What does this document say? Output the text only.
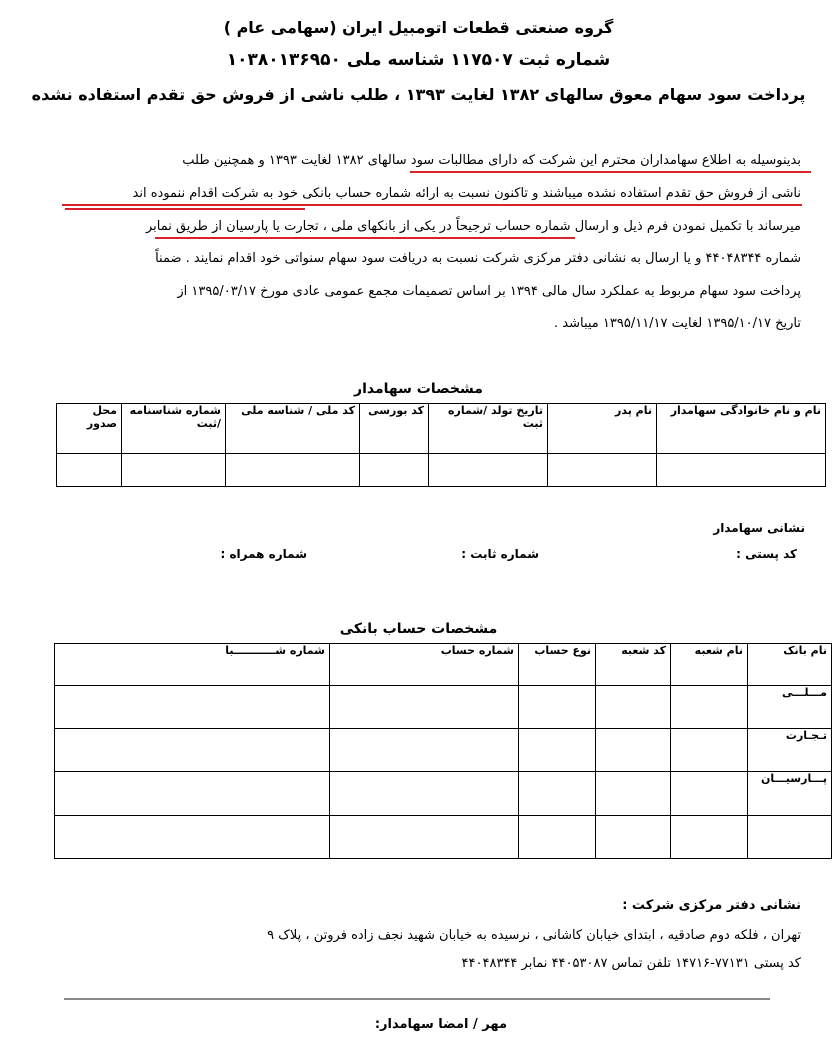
گروه صنعتی قطعات اتومبیل ایران (سهامی عام )
شماره ثبت ۱۱۷۵۰۷ شناسه ملی ۱۰۳۸۰۱۳۶۹۵۰
پرداخت سود سهام معوق سالهای ۱۳۸۲ لغایت ۱۳۹۳ ، طلب ناشی از فروش حق تقدم استفاده نشده
بدینوسیله به اطلاع سهامداران محترم این شرکت که دارای مطالبات سود سالهای ۱۳۸۲ لغایت ۱۳۹۳ و همچنین طلب
ناشی از فروش حق تقدم استفاده نشده میباشند و تاکنون نسبت به ارائه شماره حساب بانکی خود به شرکت اقدام ننموده اند
میرساند با تکمیل نمودن فرم ذیل و ارسال شماره حساب ترجیحاً در یکی از بانکهای ملی ، تجارت یا پارسیان از طریق نمابر
شماره ۴۴۰۴۸۳۴۴ و یا ارسال به نشانی دفتر مرکزی شرکت نسبت به دریافت سود سهام سنواتی خود اقدام نمایند . ضمناً
پرداخت سود سهام مربوط به عملکرد سال مالی ۱۳۹۴ بر اساس تصمیمات مجمع عمومی عادی مورخ ۱۳۹۵/۰۳/۱۷ از
تاریخ ۱۳۹۵/۱۰/۱۷ لغایت ۱۳۹۵/۱۱/۱۷ میباشد .
مشخصات سهامدار
نام و نام خانوادگی سهامدار	نام پدر	تاریخ تولد /شماره ثبت	کد بورسی	کد ملی / شناسه ملی	شماره شناسنامه /ثبت	محل صدور

نشانی سهامدار
کد پستی :
شماره ثابت :
شماره همراه :
مشخصات حساب بانکی
نام بانک	نام شعبه	کد شعبه	نوع حساب	شماره حساب	شماره شـــــــــــبا
مـــلـــی					
تـجـارت					
پـــارسیـــان					

نشانی دفتر مرکزی شرکت :
تهران ، فلکه دوم صادقیه ، ابتدای خیابان کاشانی ، نرسیده به خیابان شهید نجف زاده فروتن ، پلاک ۹
کد پستی ۷۷۱۳۱-۱۴۷۱۶ تلفن تماس ۴۴۰۵۳۰۸۷ نمابر ۴۴۰۴۸۳۴۴
مهر / امضا سهامدار:
